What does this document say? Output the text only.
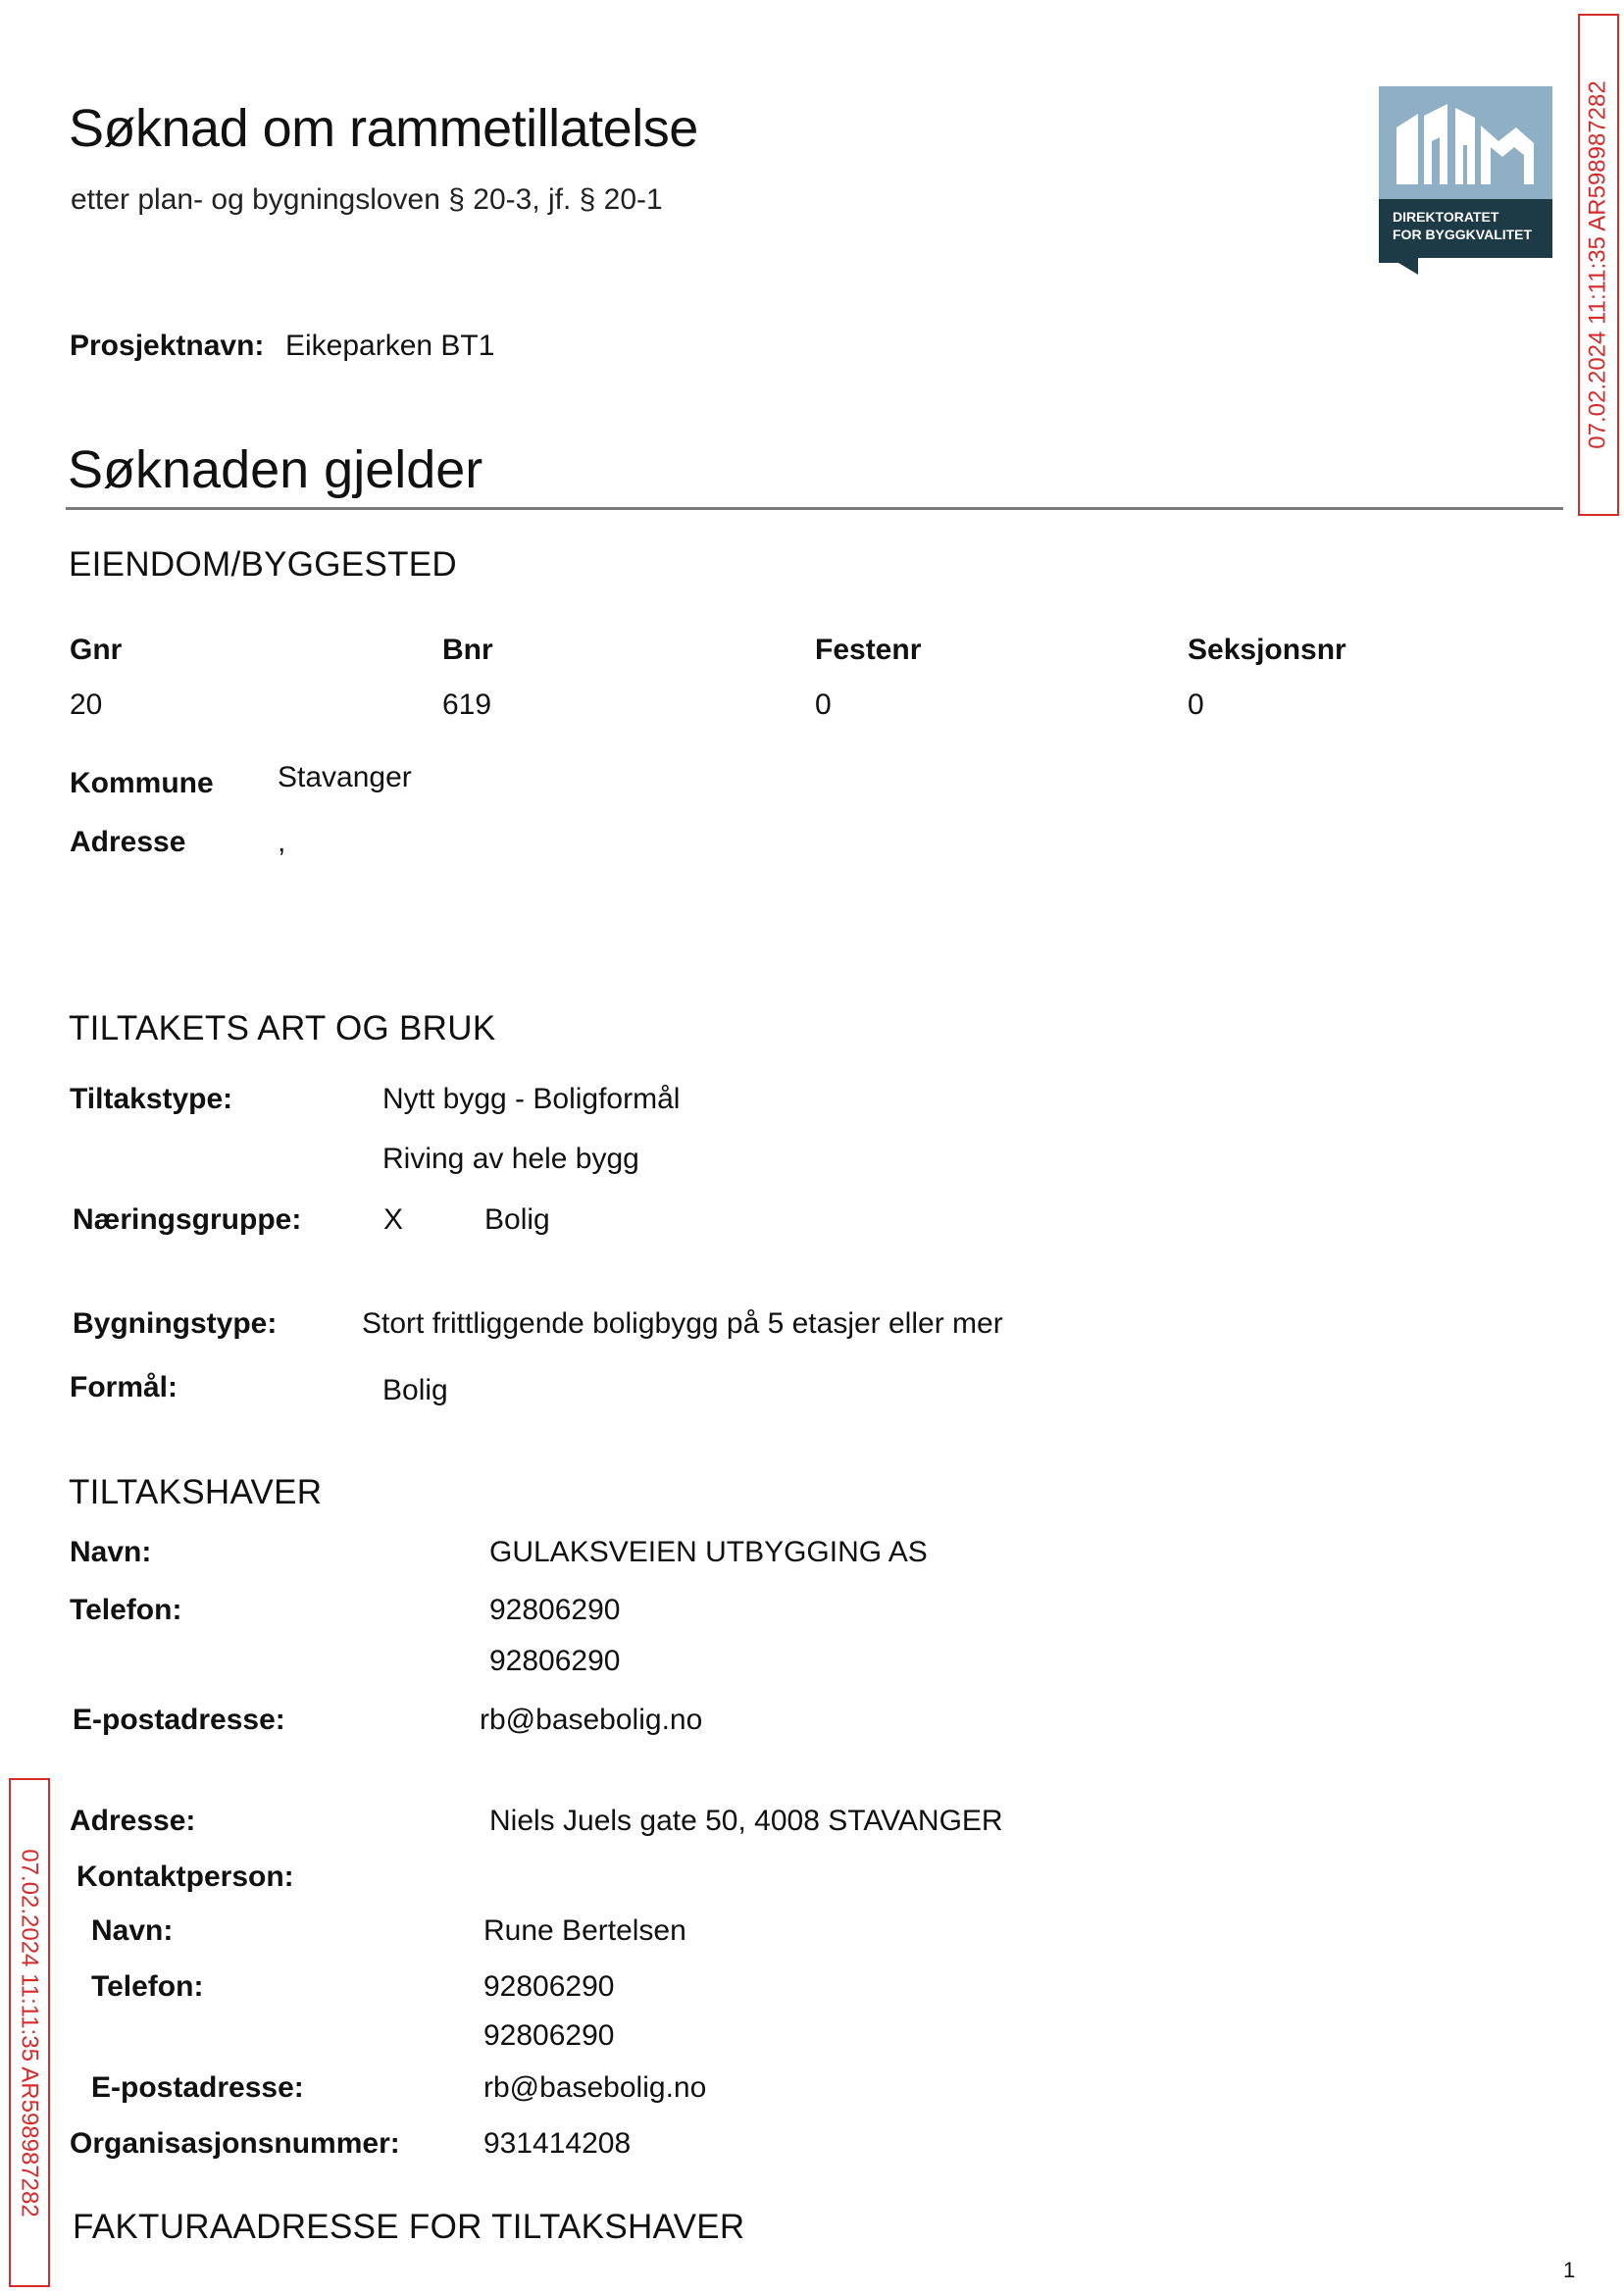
Søknad om rammetillatelse
etter plan- og bygningsloven § 20-3, jf. § 20-1
DIREKTORATET
FOR BYGGKVALITET 07.02.2024 11:11:35 AR598987282
07.02.2024 11:11:35 AR598987282
Prosjektnavn: Eikeparken BT1
Søknaden gjelder
EIENDOM/BYGGESTED
Gnr	Bnr	Festenr	Seksjonsnr
20	619	0	0
Kommune Stavanger
Adresse	,
TILTAKETS ART OG BRUK
Tiltakstype:	Nytt bygg - Boligformål
Riving av hele bygg
Næringsgruppe:	X	Bolig
Bygningstype:	Stort frittliggende boligbygg på 5 etasjer eller mer
Formål:	Bolig
TILTAKSHAVER
Navn:	GULAKSVEIEN UTBYGGING AS
Telefon:	92806290
92806290
E-postadresse:	rb@basebolig.no
Adresse:	Niels Juels gate 50, 4008 STAVANGER
Kontaktperson:
Navn:	Rune Bertelsen
Telefon:	92806290
92806290
E-postadresse:	rb@basebolig.no
Organisasjonsnummer:	931414208
FAKTURAADRESSE FOR TILTAKSHAVER
1
